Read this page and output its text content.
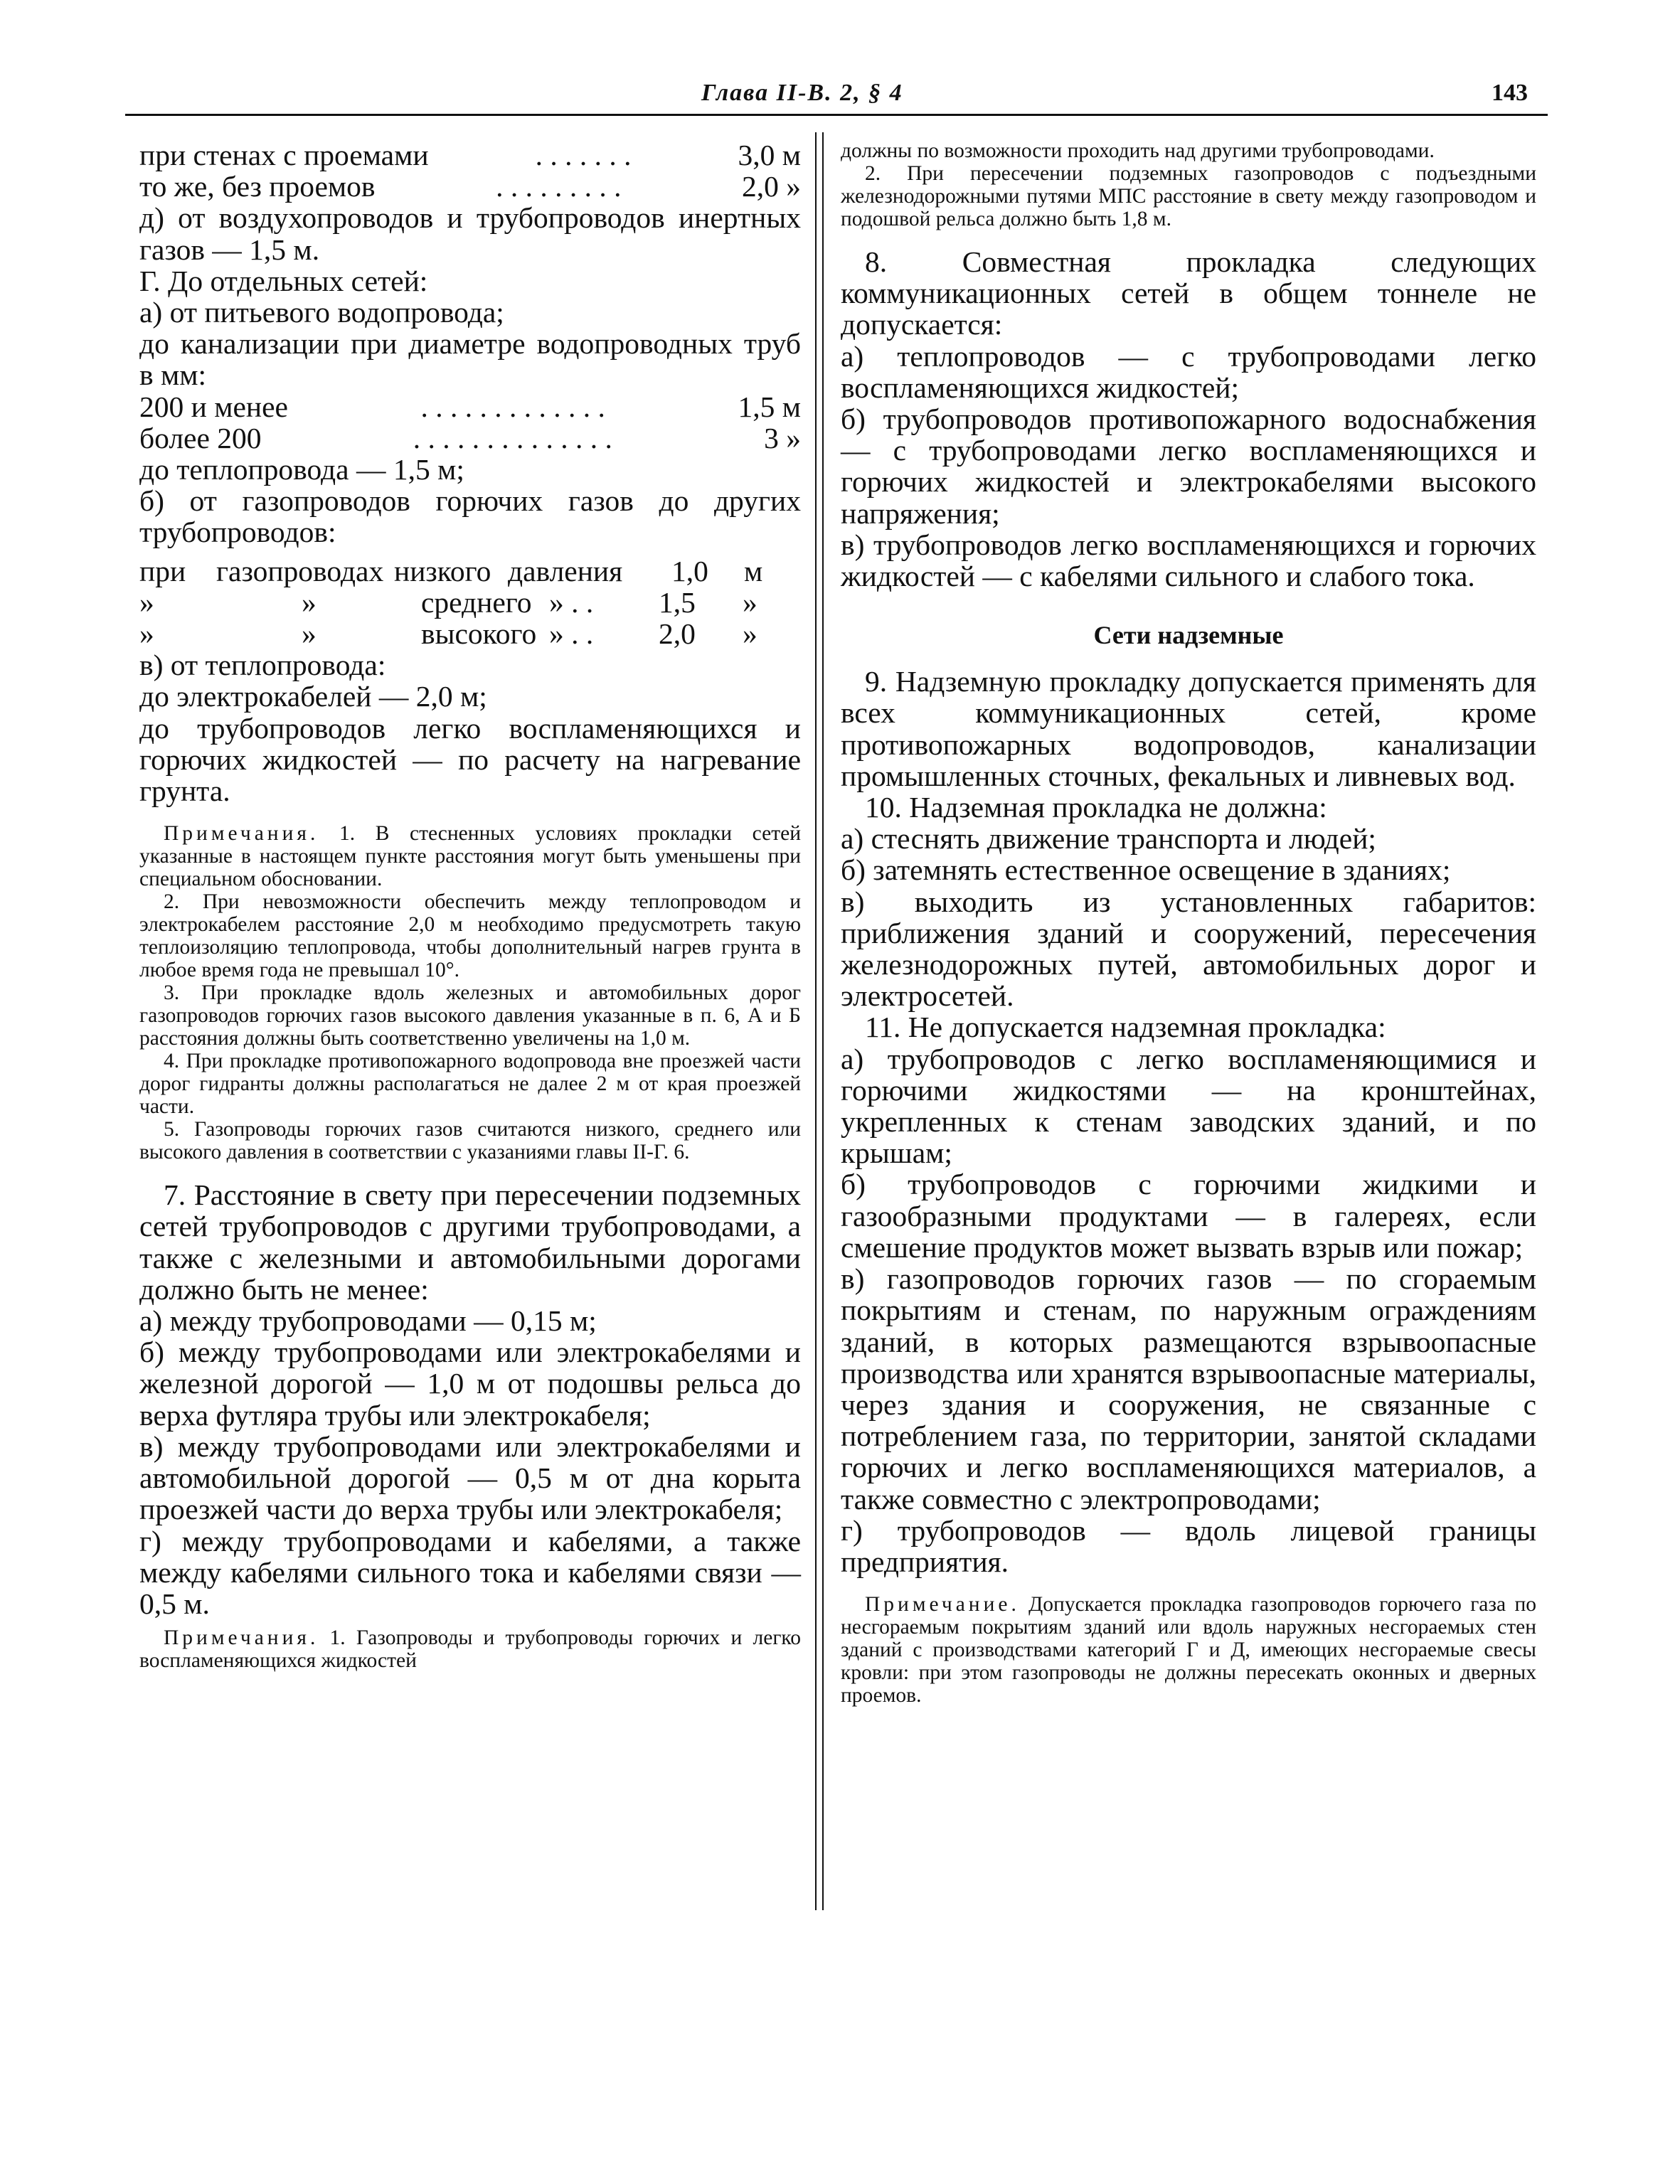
Глава II-В. 2, § 4	143
при стенах с проемами	. . . . . . .	3,0 м
то же, без проемов	. . . . . . . . .	2,0 »

д) от воздухопроводов и трубопроводов инертных газов — 1,5 м.

Г. До отдельных сетей:

а) от питьевого водопровода;

до канализации при диаметре водопроводных труб в мм:

200 и менее	. . . . . . . . . . . . .	1,5 м
более 200	. . . . . . . . . . . . . .	3 »

до теплопровода — 1,5 м;

б) от газопроводов горючих газов до других трубопроводов:

при	газопроводах низкого давления	1,0	м
»	»	среднего » . .	1,5	»
»	»	высокого » . .	2,0	»

в) от теплопровода:

до электрокабелей — 2,0 м;

до трубопроводов легко воспламеняющихся и горючих жидкостей — по расчету на нагревание грунта.

Примечания. 1. В стесненных условиях прокладки сетей указанные в настоящем пункте расстояния могут быть уменьшены при специальном обосновании.

2. При невозможности обеспечить между теплопроводом и электрокабелем расстояние 2,0 м необходимо предусмотреть такую теплоизоляцию теплопровода, чтобы дополнительный нагрев грунта в любое время года не превышал 10°.

3. При прокладке вдоль железных и автомобильных дорог газопроводов горючих газов высокого давления указанные в п. 6, А и Б расстояния должны быть соответственно увеличены на 1,0 м.

4. При прокладке противопожарного водопровода вне проезжей части дорог гидранты должны располагаться не далее 2 м от края проезжей части.

5. Газопроводы горючих газов считаются низкого, среднего или высокого давления в соответствии с указаниями главы II-Г. 6.

7. Расстояние в свету при пересечении подземных сетей трубопроводов с другими трубопроводами, а также с железными и автомобильными дорогами должно быть не менее:

а) между трубопроводами — 0,15 м;

б) между трубопроводами или электрокабелями и железной дорогой — 1,0 м от подошвы рельса до верха футляра трубы или электрокабеля;

в) между трубопроводами или электрокабелями и автомобильной дорогой — 0,5 м от дна корыта проезжей части до верха трубы или электрокабеля;

г) между трубопроводами и кабелями, а также между кабелями сильного тока и кабелями связи — 0,5 м.

Примечания. 1. Газопроводы и трубопроводы горючих и легко воспламеняющихся жидкостей

должны по возможности проходить над другими трубопроводами.

2. При пересечении подземных газопроводов с подъездными железнодорожными путями МПС расстояние в свету между газопроводом и подошвой рельса должно быть 1,8 м.

8. Совместная прокладка следующих коммуникационных сетей в общем тоннеле не допускается:

а) теплопроводов — с трубопроводами легко воспламеняющихся жидкостей;

б) трубопроводов противопожарного водоснабжения — с трубопроводами легко воспламеняющихся и горючих жидкостей и электрокабелями высокого напряжения;

в) трубопроводов легко воспламеняющихся и горючих жидкостей — с кабелями сильного и слабого тока.

Сети надземные

9. Надземную прокладку допускается применять для всех коммуникационных сетей, кроме противопожарных водопроводов, канализации промышленных сточных, фекальных и ливневых вод.

10. Надземная прокладка не должна:

а) стеснять движение транспорта и людей;

б) затемнять естественное освещение в зданиях;

в) выходить из установленных габаритов: приближения зданий и сооружений, пересечения железнодорожных путей, автомобильных дорог и электросетей.

11. Не допускается надземная прокладка:

а) трубопроводов с легко воспламеняющимися и горючими жидкостями — на кронштейнах, укрепленных к стенам заводских зданий, и по крышам;

б) трубопроводов с горючими жидкими и газообразными продуктами — в галереях, если смешение продуктов может вызвать взрыв или пожар;

в) газопроводов горючих газов — по сгораемым покрытиям и стенам, по наружным ограждениям зданий, в которых размещаются взрывоопасные производства или хранятся взрывоопасные материалы, через здания и сооружения, не связанные с потреблением газа, по территории, занятой складами горючих и легко воспламеняющихся материалов, а также совместно с электропроводами;

г) трубопроводов — вдоль лицевой границы предприятия.

Примечание. Допускается прокладка газопроводов горючего газа по несгораемым покрытиям зданий или вдоль наружных несгораемых стен зданий с производствами категорий Г и Д, имеющих несгораемые свесы кровли: при этом газопроводы не должны пересекать оконных и дверных проемов.
